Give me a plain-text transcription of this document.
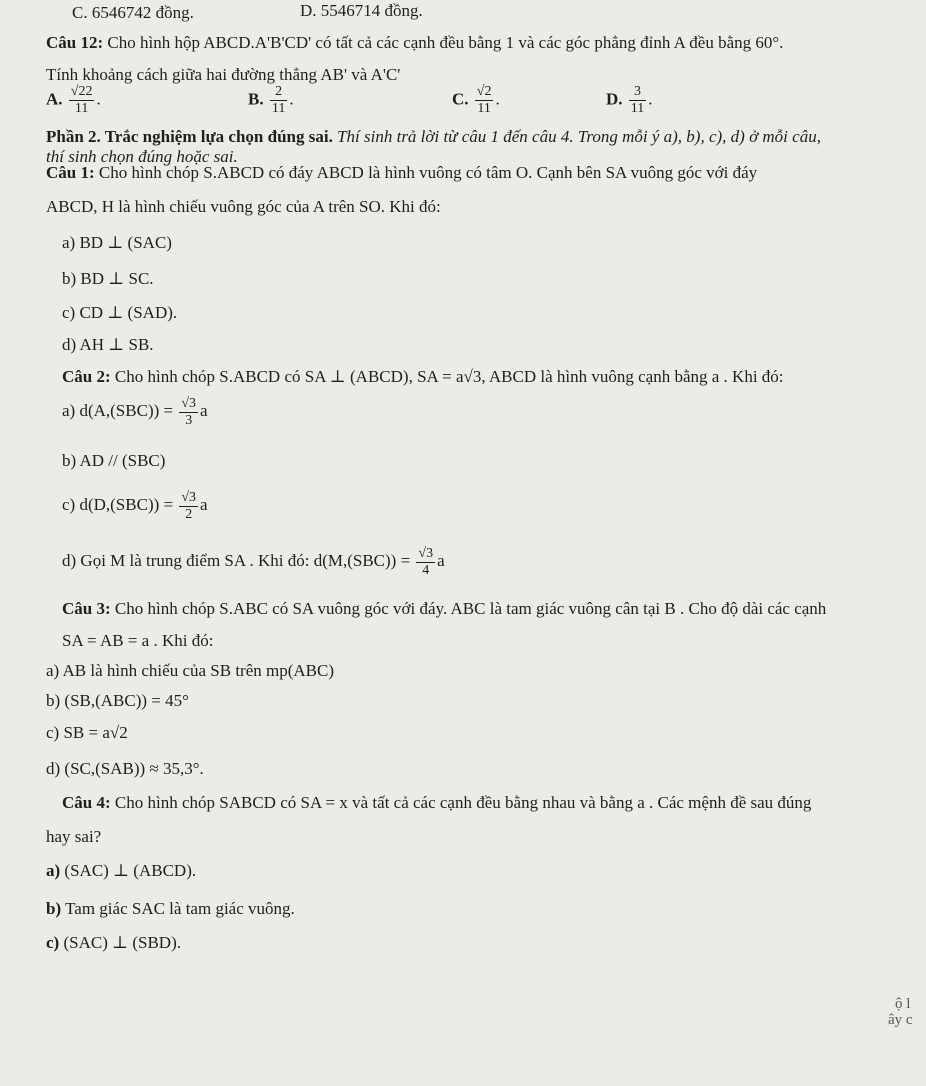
C. 6546742 đồng.	D. 5546714 đồng.
Câu 12: Cho hình hộp ABCD.A'B'CD' có tất cả các cạnh đều bằng 1 và các góc phẳng đỉnh A đều bằng 60°.
Tính khoảng cách giữa hai đường thẳng AB' và A'C'
A. $\frac{√22}{11}$ .	B. $\frac{2}{11}$ .	C. $\frac{√2}{11}$ .	D. $\frac{3}{11}$ .
Phần 2. Trắc nghiệm lựa chọn đúng sai. Thí sinh trả lời từ câu 1 đến câu 4. Trong mỗi ý a), b), c), d) ở mỗi câu,
thí sinh chọn đúng hoặc sai.
Câu 1: Cho hình chóp S.ABCD có đáy ABCD là hình vuông có tâm O. Cạnh bên SA vuông góc với đáy
ABCD, H là hình chiếu vuông góc của A trên SO. Khi đó:
a) BD ⊥ (SAC)
b) BD ⊥ SC.
c) CD ⊥ (SAD).
d) AH ⊥ SB.
Câu 2: Cho hình chóp S.ABCD có SA ⊥ (ABCD), SA = a√3, ABCD là hình vuông cạnh bằng a . Khi đó:
a) $d(A,(SBC)) = \frac{√3}{3}$ a
b) AD // (SBC)
c) $d(D,(SBC)) = \frac{√3}{2}$ a
d) Gọi M là trung điểm SA . Khi đó: $d(M,(SBC)) = \frac{√3}{4}$ a
Câu 3: Cho hình chóp S.ABC có SA vuông góc với đáy. ABC là tam giác vuông cân tại B . Cho độ dài các cạnh
SA = AB = a . Khi đó:
a) AB là hình chiếu của SB trên mp(ABC)
b) (SB,(ABC)) = 45°
c) SB = a√2
d) (SC,(SAB)) ≈ 35,3°.
Câu 4: Cho hình chóp SABCD có SA = x và tất cả các cạnh đều bằng nhau và bằng a . Các mệnh đề sau đúng
hay sai?
a) (SAC) ⊥ (ABCD).
b) Tam giác SAC là tam giác vuông.
c) (SAC) ⊥ (SBD).
ộ l
ây c
